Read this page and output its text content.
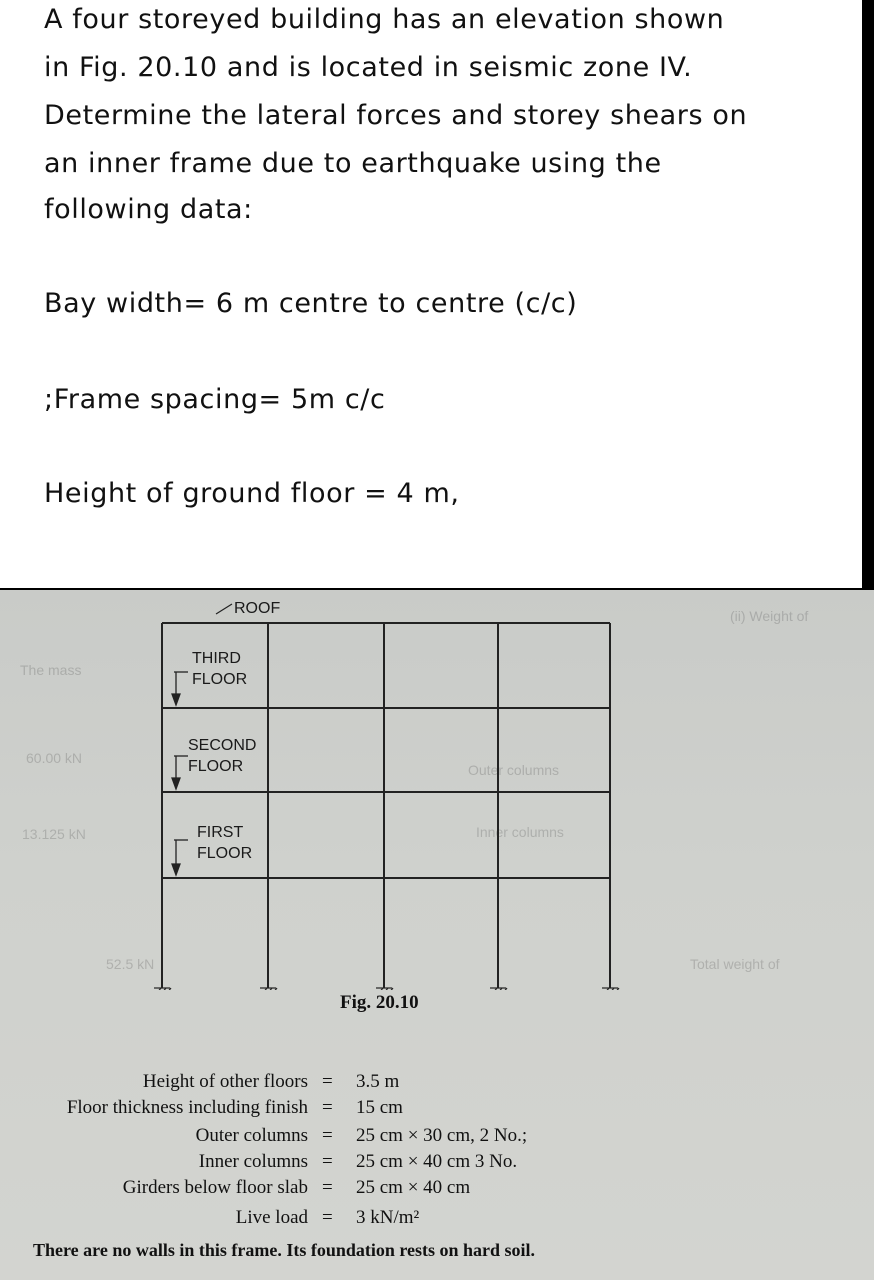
A four storeyed building has an elevation shown
in Fig. 20.10 and is located in seismic zone IV.
Determine the lateral forces and storey shears on
an inner frame due to earthquake using the
following data:
Bay width= 6 m centre to centre (c/c)
;Frame spacing= 5m c/c
Height of ground floor = 4 m,
(ii) Weight of
The mass
60.00 kN
13.125 kN
52.5 kN	Total weight of
Outer columns
Inner columns
ROOF
THIRD
FLOOR
SECOND
FLOOR
FIRST
FLOOR
Fig. 20.10
Height of other floors = 3.5 m
Floor thickness including finish = 15 cm
Outer columns = 25 cm × 30 cm, 2 No.;
Inner columns = 25 cm × 40 cm 3 No.
Girders below floor slab = 25 cm × 40 cm
Live load = 3 kN/m²
There are no walls in this frame. Its foundation rests on hard soil.
